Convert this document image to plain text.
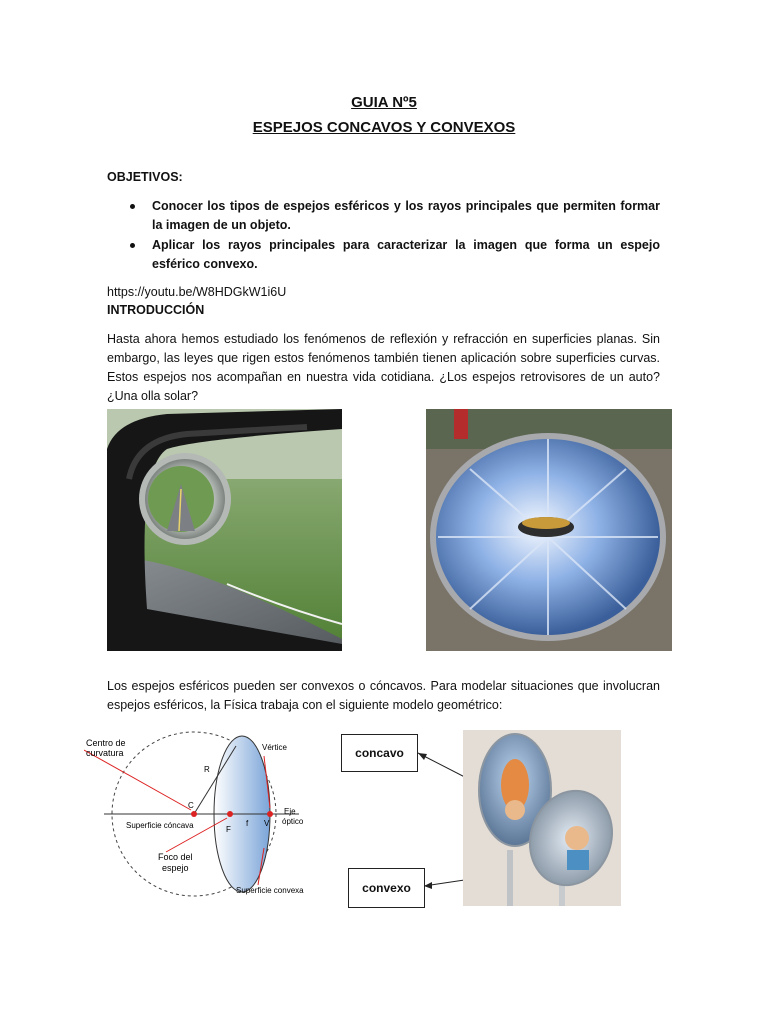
GUIA Nº5
ESPEJOS CONCAVOS Y CONVEXOS
OBJETIVOS:
Conocer los tipos de espejos esféricos y los rayos principales que permiten formar la imagen de un objeto.
Aplicar los rayos principales para caracterizar la imagen que forma un espejo esférico convexo.
https://youtu.be/W8HDGkW1i6U
INTRODUCCIÓN
Hasta ahora hemos estudiado los fenómenos de reflexión y refracción en superficies planas. Sin embargo, las leyes que rigen estos fenómenos también tienen aplicación sobre superficies curvas. Estos espejos nos acompañan en nuestra vida cotidiana. ¿Los espejos retrovisores de un auto? ¿Una olla solar?
Los espejos esféricos pueden ser convexos o cóncavos. Para modelar situaciones que involucran espejos esféricos, la Física trabaja con el siguiente modelo geométrico:
Centro de
curvatura
Vértice
R
C
Eje
óptico
Superficie cóncava	f V
F
Foco del
espejo
Superficie convexa
concavo
convexo
